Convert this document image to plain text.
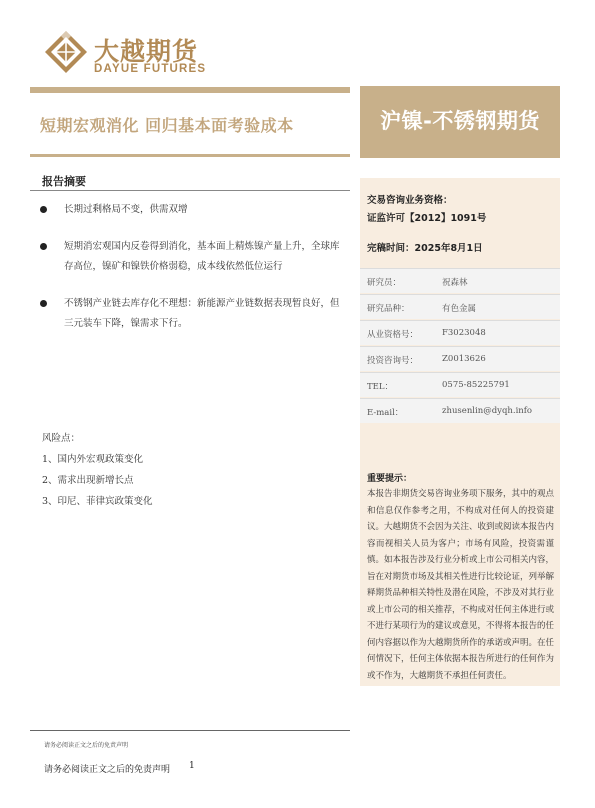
大越期货
DAYUE FUTURES
短期宏观消化 回归基本面考验成本	沪镍-不锈钢期货
报告摘要
长期过剩格局不变，供需双增
短期消宏观国内反卷得到消化，基本面上精炼镍产量上升，全球库存高位，镍矿和镍铁价格弱稳，成本线依然低位运行
不锈钢产业链去库存化不理想：新能源产业链数据表现暂良好，但三元装车下降，镍需求下行。
风险点：
1、国内外宏观政策变化
2、需求出现新增长点
3、印尼、菲律宾政策变化
交易咨询业务资格：
证监许可【2012】1091号
完稿时间：2025年8月1日
研究员：	祝森林
研究品种：	有色金属
从业资格号：	F3023048
投资咨询号：	Z0013626
TEL：	0575-85225791
E-mail：	zhusenlin@dyqh.info
重要提示：
本报告非期货交易咨询业务项下服务，其中的观点和信息仅作参考之用，不构成对任何人的投资建议。大越期货不会因为关注、收到或阅读本报告内容而视相关人员为客户；市场有风险，投资需谨慎。如本报告涉及行业分析或上市公司相关内容，旨在对期货市场及其相关性进行比较论证，列举解释期货品种相关特性及潜在风险，不涉及对其行业或上市公司的相关推荐，不构成对任何主体进行或不进行某项行为的建议或意见，不得将本报告的任何内容据以作为大越期货所作的承诺或声明。在任何情况下，任何主体依据本报告所进行的任何作为或不作为，大越期货不承担任何责任。
请务必阅读正文之后的免责声明
请务必阅读正文之后的免责声明 1
